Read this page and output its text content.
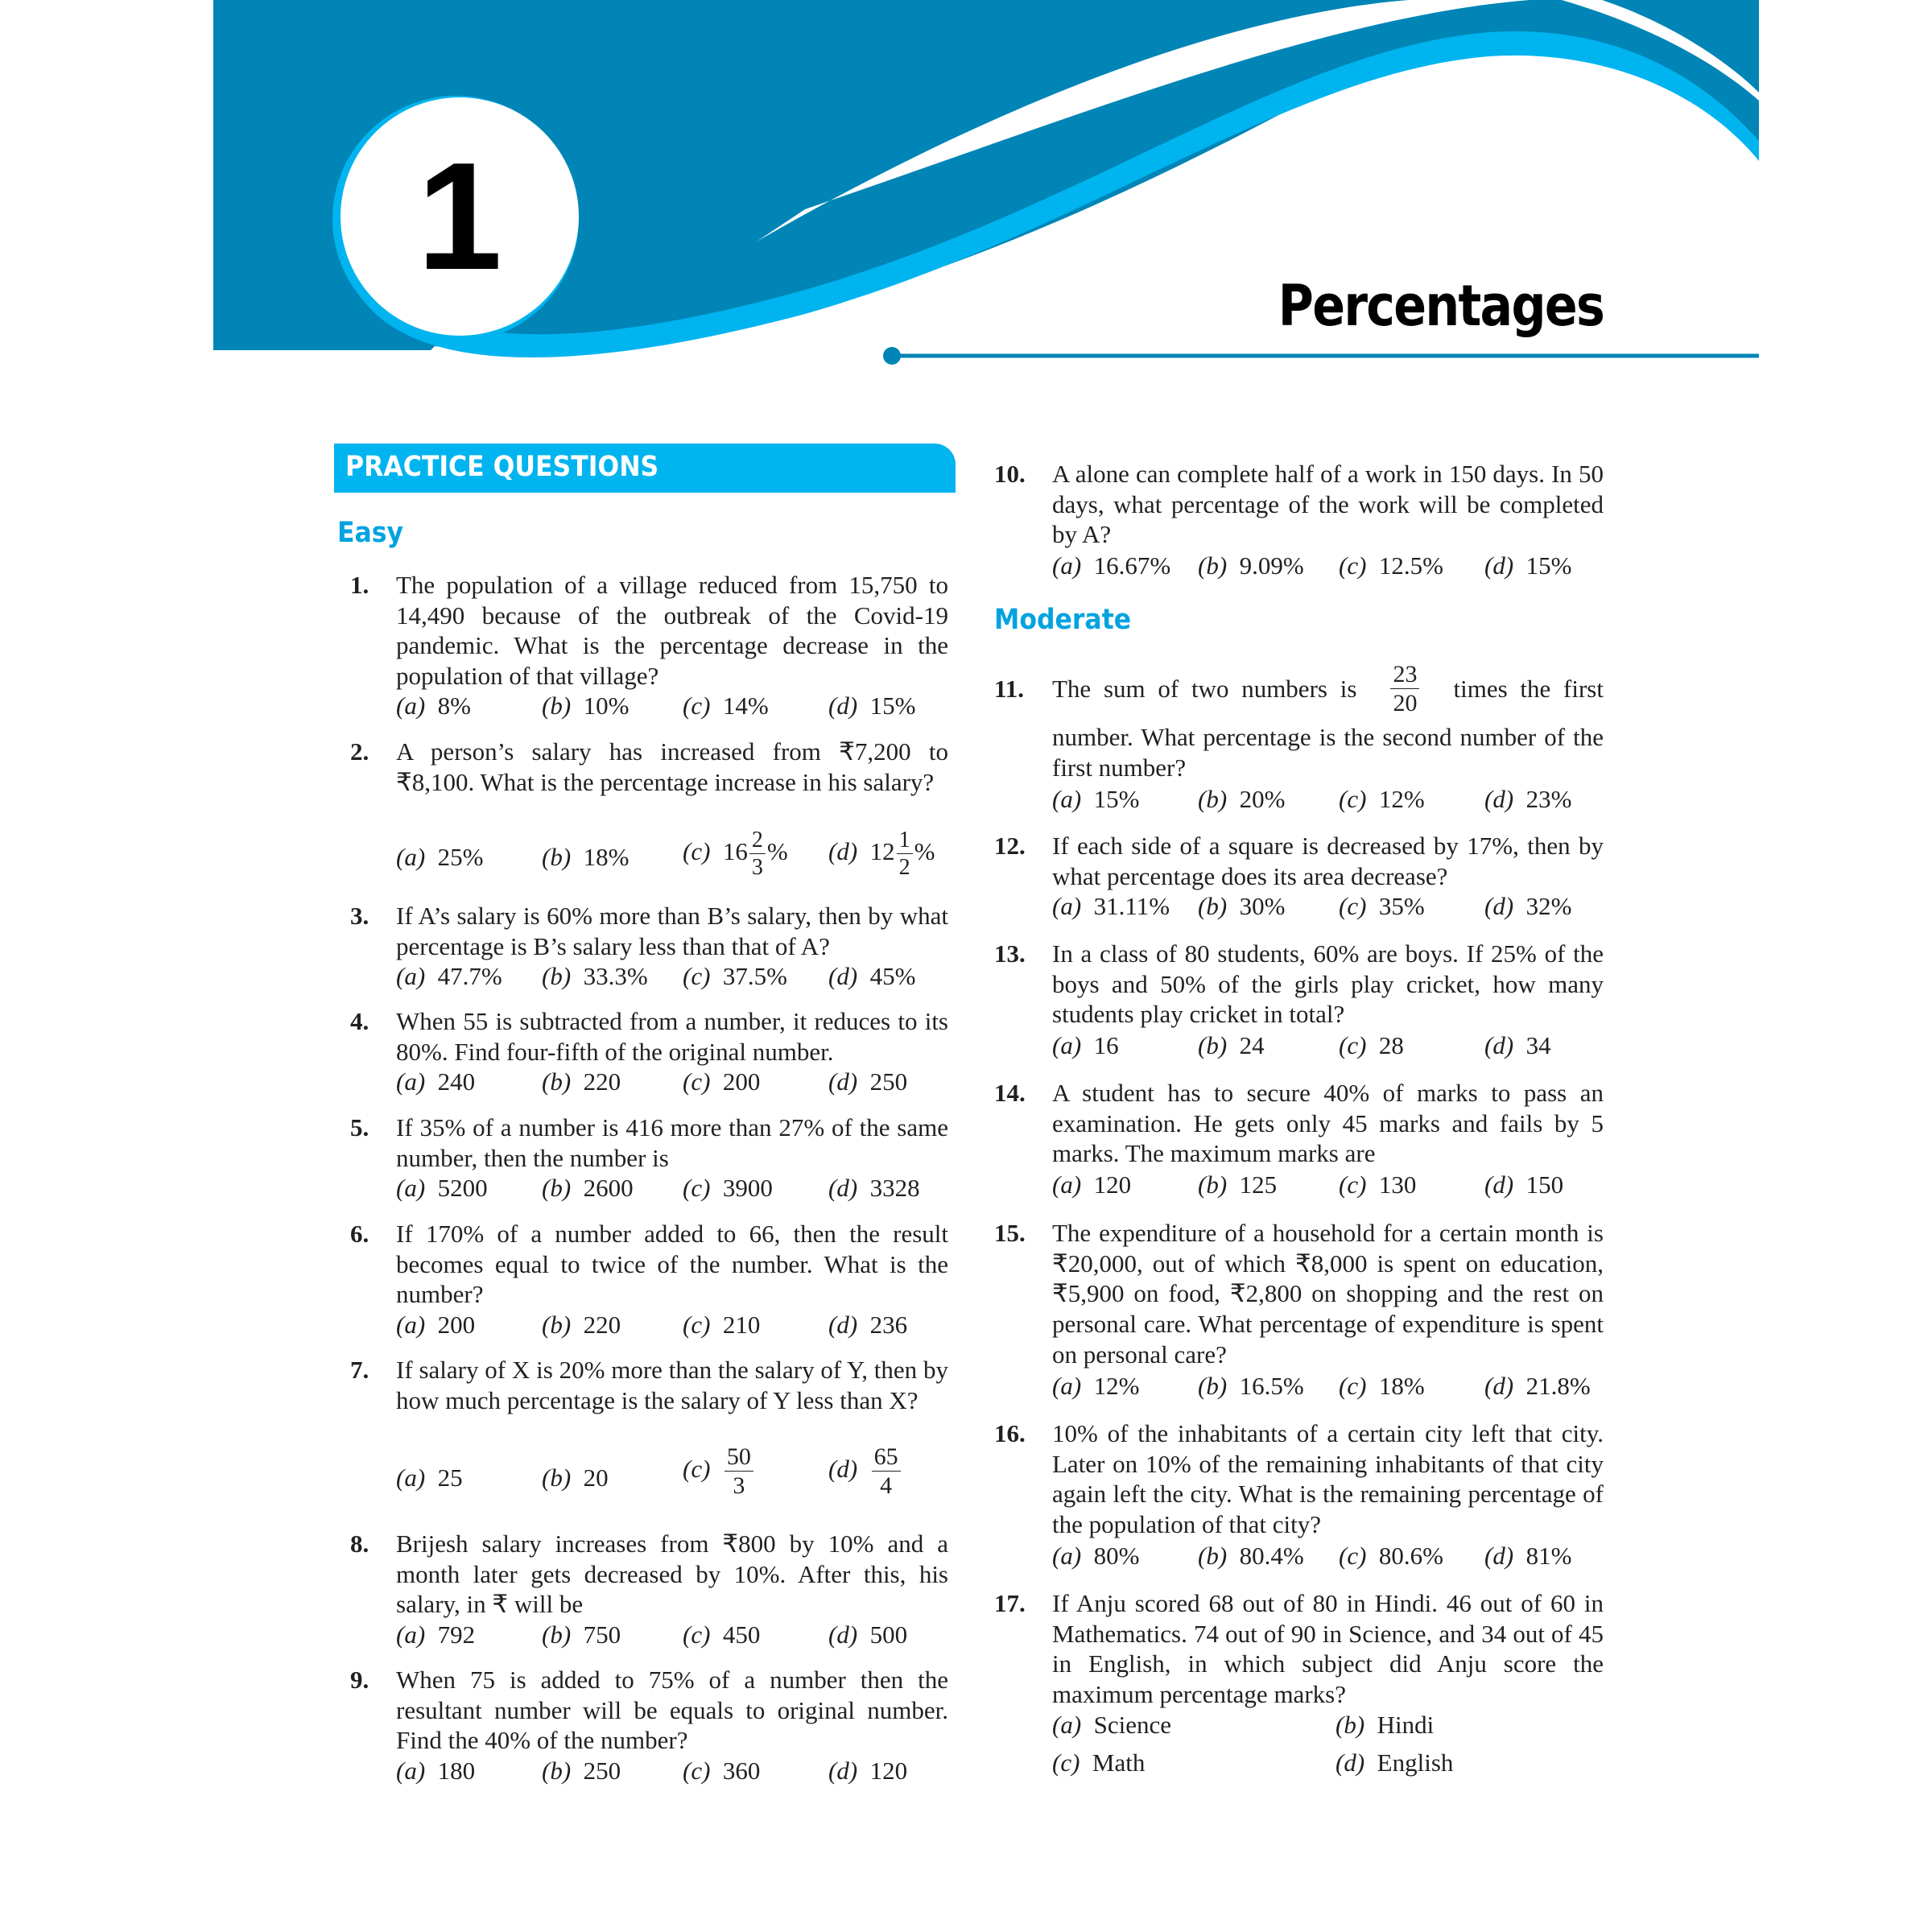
1
Percentages
PRACTICE QUESTIONS
Easy
Moderate
1. The population of a village reduced from 15,750 to 14,490 because of the outbreak of the Covid-19 pandemic. What is the percentage decrease in the population of that village?
(a) 8%	(b) 10% (c) 14% (d) 15%
2. A person’s salary has increased from ₹7,200 to ₹8,100. What is the percentage increase in his salary?
(a) 25% (b) 18% (c) $16 \frac{2}{3}$ % (d) $12 \frac{1}{2}$ %
3. If A’s salary is 60% more than B’s salary, then by what percentage is B’s salary less than that of A?
(a) 47.7% (b) 33.3% (c) 37.5% (d) 45%
4. When 55 is subtracted from a number, it reduces to its 80%. Find four-fifth of the original number.
(a) 240	(b) 220 (c) 200	(d) 250
5. If 35% of a number is 416 more than 27% of the same number, then the number is
(a) 5200 (b) 2600 (c) 3900 (d) 3328
6. If 170% of a number added to 66, then the result becomes equal to twice of the number. What is the number?
(a) 200	(b) 220 (c) 210	(d) 236
7. If salary of X is 20% more than the salary of Y, then by how much percentage is the salary of Y less than X?
(a) 25	(b) 20	$(c) \frac{50}{3}$	$(d) \frac{65}{4}$
8. Brijesh salary increases from ₹800 by 10% and a month later gets decreased by 10%. After this, his salary, in ₹ will be
(a) 792	(b) 750 (c) 450	(d) 500
9. When 75 is added to 75% of a number then the resultant number will be equals to original number. Find the 40% of the number?
(a) 180	(b) 250 (c) 360	(d) 120
10. A alone can complete half of a work in 150 days. In 50 days, what percentage of the work will be completed by A?
(a) 16.67% (b) 9.09% (c) 12.5% (d) 15%
11. The sum of two numbers is $\frac{23}{20}$ times the first
number. What percentage is the second number of the first number?
(a) 15% (b) 20% (c) 12% (d) 23%
12. If each side of a square is decreased by 17%, then by what percentage does its area decrease?
(a) 31.11% (b) 30% (c) 35% (d) 32%
13. In a class of 80 students, 60% are boys. If 25% of the boys and 50% of the girls play cricket, how many students play cricket in total?
(a) 16	(b) 24	(c) 28	(d) 34
14. A student has to secure 40% of marks to pass an examination. He gets only 45 marks and fails by 5 marks. The maximum marks are
(a) 120	(b) 125 (c) 130	(d) 150
15. The expenditure of a household for a certain month is ₹20,000, out of which ₹8,000 is spent on education,₹5,900 on food, ₹2,800 on shopping and the rest on personal care. What percentage of expenditure is spent on personal care?
(a) 12% (b) 16.5% (c) 18% (d) 21.8%
16. 10% of the inhabitants of a certain city left that city. Later on 10% of the remaining inhabitants of that city again left the city. What is the remaining percentage of the population of that city?
(a) 80% (b) 80.4% (c) 80.6% (d) 81%
17. If Anju scored 68 out of 80 in Hindi. 46 out of 60 in Mathematics. 74 out of 90 in Science, and 34 out of 45 in English, in which subject did Anju score the maximum percentage marks?
(a) Science	(b) Hindi
(c) Math	(d) English
